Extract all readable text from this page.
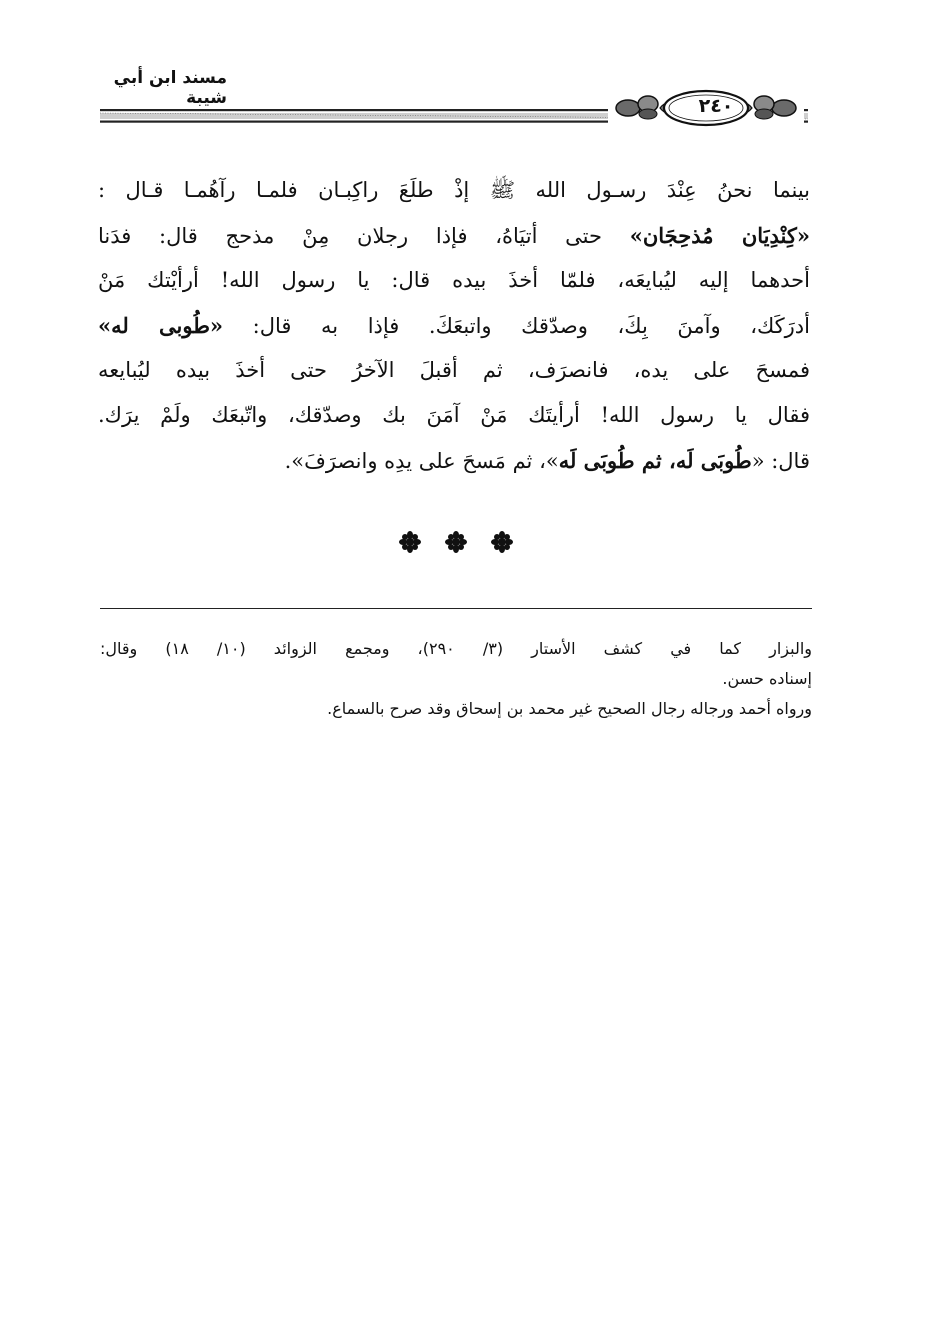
مسند ابن أبي شيبة	٢٤٠
بينما نحنُ عِنْدَ رسـول الله ﷺ إذْ طلَعَ راكِبـان فلمـا رآهُمـا قـال :
«كِنْدِيَان مُذحِجَان» حتى أتيَاهُ، فإذا رجلان مِنْ مذحج قال: فدَنا
أحدهما إليه ليُبايعَه، فلمّا أخذَ بيده قال: يا رسول الله! أرأيْتك مَنْ
أدرَكَك، وآمنَ بِكَ، وصدّقك واتبعَكَ. فإذا به قال: «طُوبى له»
فمسحَ على يده، فانصرَف، ثم أقبلَ الآخرُ حتى أخذَ بيده ليُبايعه
فقال يا رسول الله! أرأيتَك مَنْ آمَنَ بك وصدّقك، واتّبعَك ولَمْ يرَك.
قال: «طُوبَى لَه، ثم طُوبَى لَه»، ثم مَسحَ على يدِه وانصرَفَ».
والبزار كما في كشف الأستار (٣/ ٢٩٠)، ومجمع الزوائد (١٠/ ١٨) وقال:
إسناده حسن.
ورواه أحمد ورجاله رجال الصحيح غير محمد بن إسحاق وقد صرح بالسماع.
